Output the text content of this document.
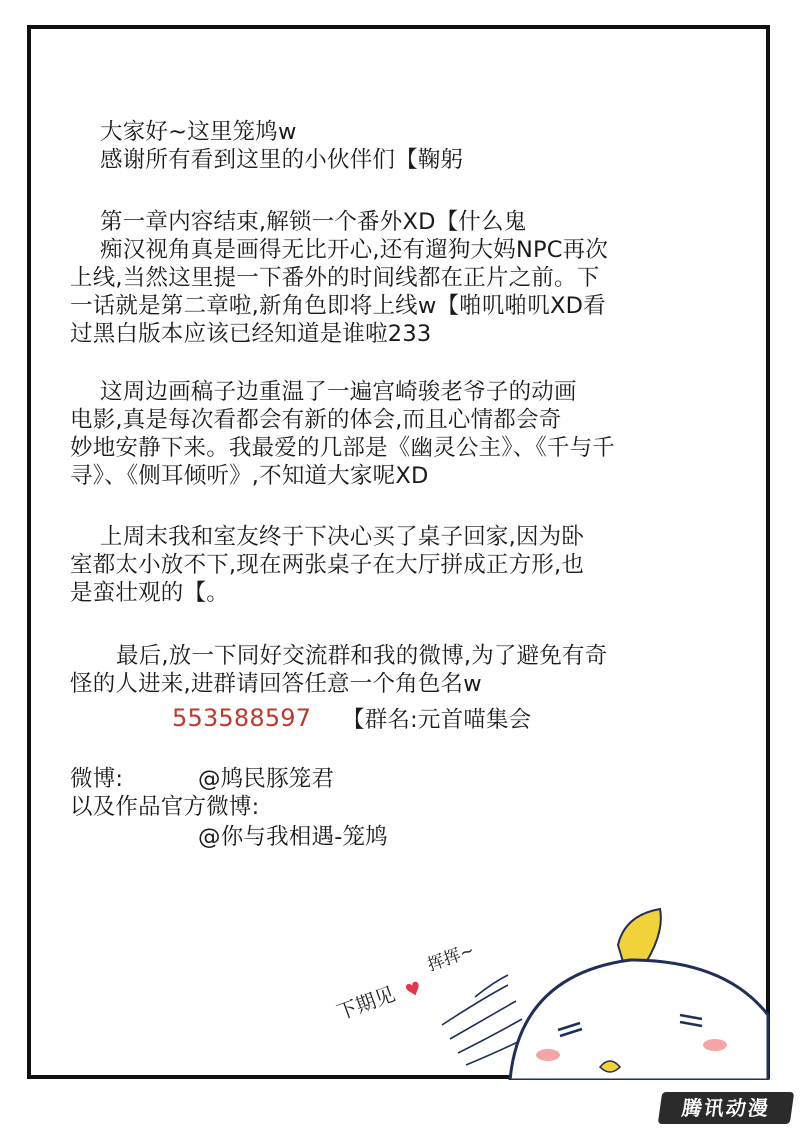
大家好~这里笼鸠w
感谢所有看到这里的小伙伴们【鞠躬
第一章内容结束,解锁一个番外XD【什么鬼
痴汉视角真是画得无比开心,还有遛狗大妈NPC再次
上线,当然这里提一下番外的时间线都在正片之前。下
一话就是第二章啦,新角色即将上线w【啪叽啪叽XD看
过黑白版本应该已经知道是谁啦233
这周边画稿子边重温了一遍宫崎骏老爷子的动画
电影,真是每次看都会有新的体会,而且心情都会奇
妙地安静下来。我最爱的几部是《幽灵公主》、《千与千
寻》、《侧耳倾听》,不知道大家呢XD
上周末我和室友终于下决心买了桌子回家,因为卧
室都太小放不下,现在两张桌子在大厅拼成正方形,也
是蛮壮观的【。
最后,放一下同好交流群和我的微博,为了避免有奇
怪的人进来,进群请回答任意一个角色名w
553588597 【群名:元首喵集会
微博:	@鸠民豚笼君
以及作品官方微博:
@你与我相遇-笼鸠
下期见 ♥
挥挥~
腾讯动漫
